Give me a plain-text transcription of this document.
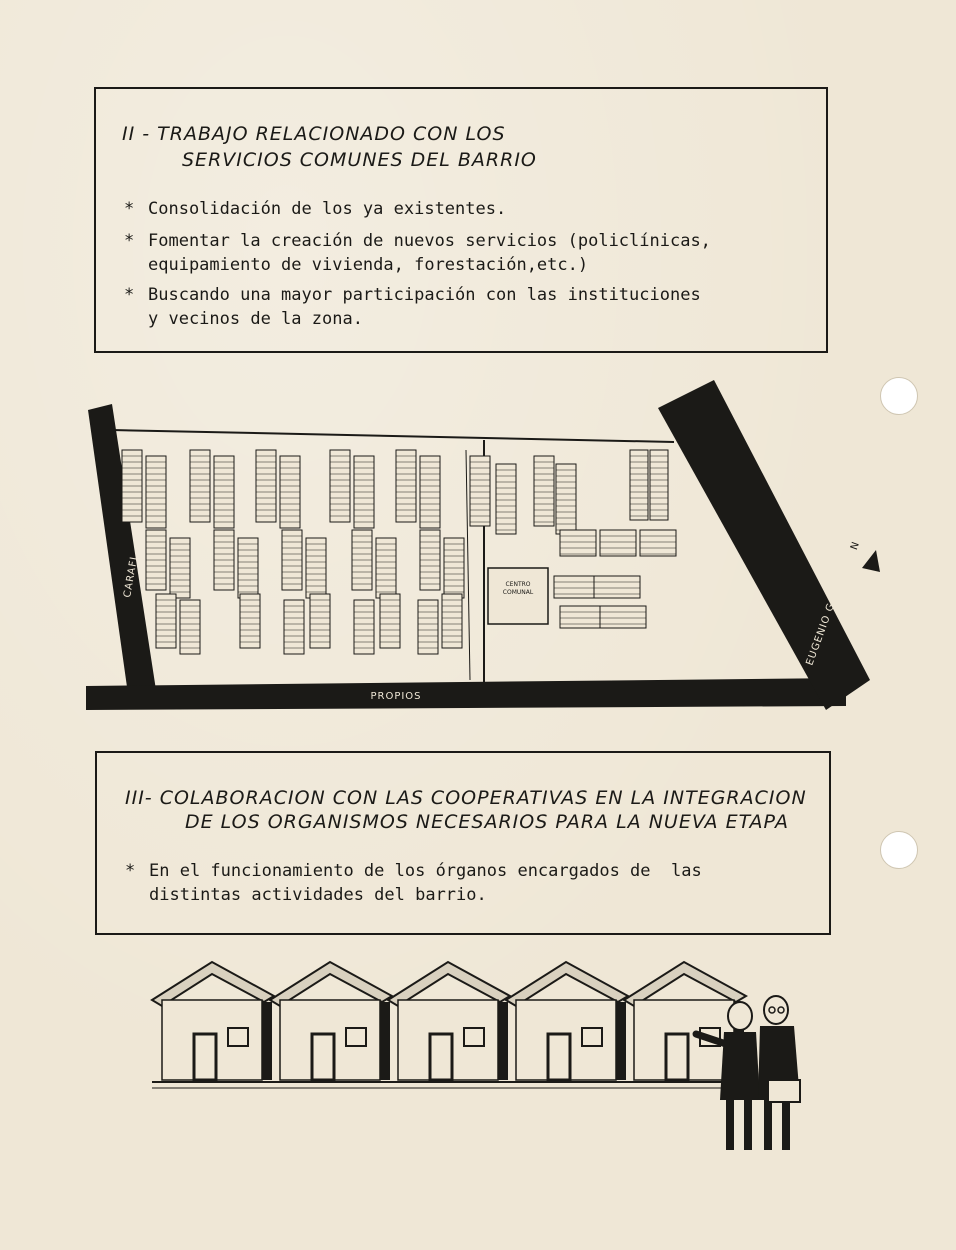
II - TRABAJO RELACIONADO CON LOS
SERVICIOS COMUNES DEL BARRIO
* Consolidación de los ya existentes.
* Fomentar la creación de nuevos servicios (policlínicas,
equipamiento de vivienda, forestación,etc.)
* Buscando una mayor participación con las instituciones
y vecinos de la zona.
CENTRO
COMUNAL
CARAFI
PROPIOS
EUGENIO GARZON
N
III- COLABORACION CON LAS COOPERATIVAS EN LA INTEGRACION
DE LOS ORGANISMOS NECESARIOS PARA LA NUEVA ETAPA
* En el funcionamiento de los órganos encargados de  las
distintas actividades del barrio.
